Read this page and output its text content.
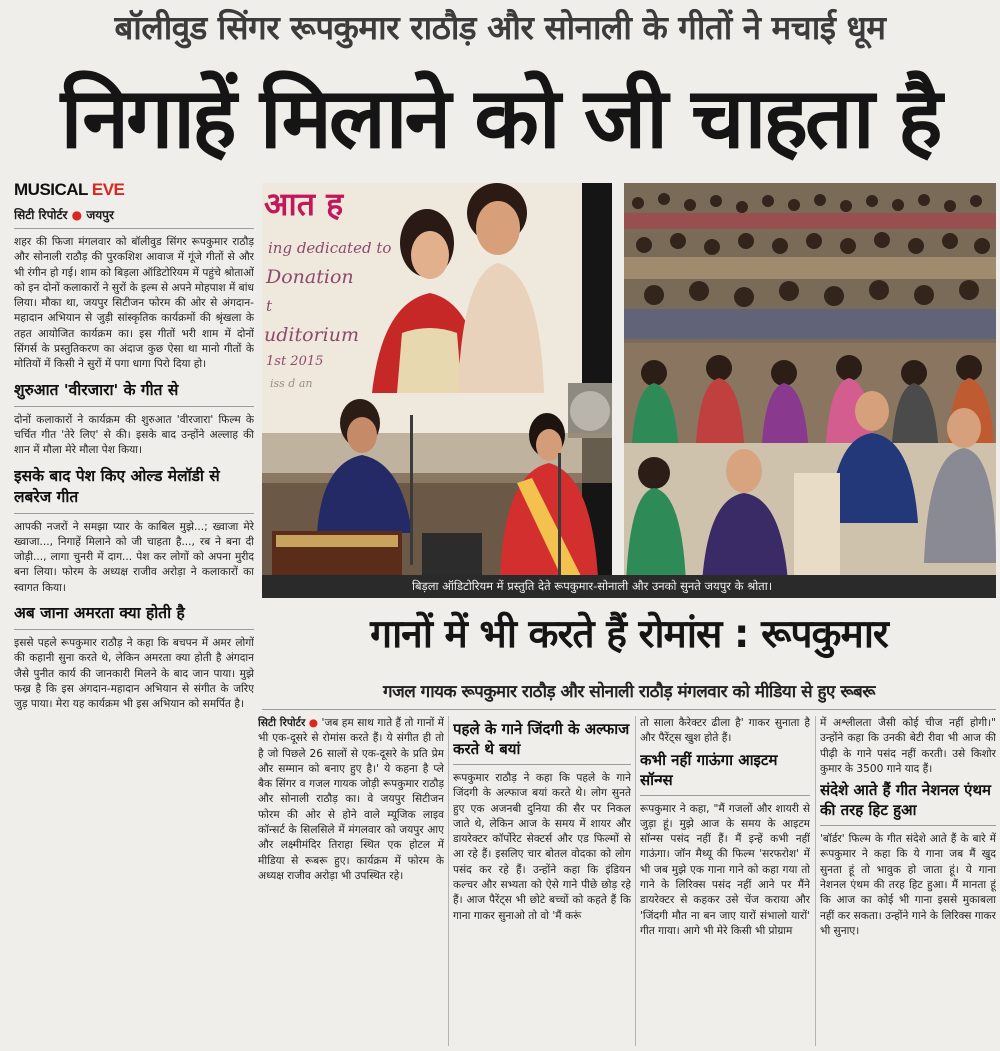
बॉलीवुड सिंगर रूपकुमार राठौड़ और सोनाली के गीतों ने मचाई धूम
निगाहें मिलाने को जी चाहता है
MUSICAL EVE
सिटी रिपोर्टर ● जयपुर

शहर की फिजा मंगलवार को बॉलीवुड सिंगर रूपकुमार राठौड़ और सोनाली राठौड़ की पुरकशिश आवाज में गूंजे गीतों से और भी रंगीन हो गई। शाम को बिड़ला ऑडिटोरियम में पहुंचे श्रोताओं को इन दोनों कलाकारों ने सुरों के इल्म से अपने मोहपाश में बांध लिया। मौका था, जयपुर सिटीजन फोरम की ओर से अंगदान-महादान अभियान से जुड़ी सांस्कृतिक कार्यक्रमों की श्रृंखला के तहत आयोजित कार्यक्रम का। इस गीतों भरी शाम में दोनों सिंगर्स के प्रस्तुतिकरण का अंदाज कुछ ऐसा था मानो गीतों के मोतियों में किसी ने सुरों में पगा धागा पिरो दिया हो।

शुरुआत 'वीरजारा' के गीत से

दोनों कलाकारों ने कार्यक्रम की शुरुआत 'वीरजारा' फिल्म के चर्चित गीत 'तेरे लिए' से की। इसके बाद उन्होंने अल्लाह की शान में मौला मेरे मौला पेश किया।

इसके बाद पेश किए ओल्ड मेलॉडी से लबरेज गीत

आपकी नजरों ने समझा प्यार के काबिल मुझे...; ख्वाजा मेरे ख्वाजा..., निगाहें मिलाने को जी चाहता है..., रब ने बना दी जोड़ी..., लागा चुनरी में दाग... पेश कर लोगों को अपना मुरीद बना लिया। फोरम के अध्यक्ष राजीव अरोड़ा ने कलाकारों का स्वागत किया।

अब जाना अमरता क्या होती है

इससे पहले रूपकुमार राठौड़ ने कहा कि बचपन में अमर लोगों की कहानी सुना करते थे, लेकिन अमरता क्या होती है अंगदान जैसे पुनीत कार्य की जानकारी मिलने के बाद जान पाया। मुझे फख्र है कि इस अंगदान-महादान अभियान से संगीत के जरिए जुड़ पाया। मेरा यह कार्यक्रम भी इस अभियान को समर्पित है।

आत ह
ing dedicated to
Donation
t
uditorium
1st 2015
iss d an
बिड़ला ऑडिटोरियम में प्रस्तुति देते रूपकुमार-सोनाली और उनको सुनते जयपुर के श्रोता।
गानों में भी करते हैं रोमांस : रूपकुमार
गजल गायक रूपकुमार राठौड़ और सोनाली राठौड़ मंगलवार को मीडिया से हुए रूबरू

सिटी रिपोर्टर ● 'जब हम साथ गाते हैं तो गानों में भी एक-दूसरे से रोमांस करते हैं। ये संगीत ही तो है जो पिछले 26 सालों से एक-दूसरे के प्रति प्रेम और सम्मान को बनाए हुए है।' ये कहना है प्ले बैक सिंगर व गजल गायक जोड़ी रूपकुमार राठौड़ और सोनाली राठौड़ का। वे जयपुर सिटीजन फोरम की ओर से होने वाले म्यूजिक लाइव कॉन्सर्ट के सिलसिले में मंगलवार को जयपुर आए और लक्ष्मीमंदिर तिराहा स्थित एक होटल में मीडिया से रूबरू हुए। कार्यक्रम में फोरम के अध्यक्ष राजीव अरोड़ा भी उपस्थित रहे।

पहले के गाने जिंदगी के अल्फाज करते थे बयां

रूपकुमार राठौड़ ने कहा कि पहले के गाने जिंदगी के अल्फाज बयां करते थे। लोग सुनते हुए एक अजनबी दुनिया की सैर पर निकल जाते थे, लेकिन आज के समय में शायर और डायरेक्टर कॉर्पोरेट सेक्टर्स और एड फिल्मों से आ रहे हैं। इसलिए चार बोतल वोदका को लोग पसंद कर रहे हैं। उन्होंने कहा कि इंडियन कल्चर और सभ्यता को ऐसे गाने पीछे छोड़ रहे हैं। आज पैरेंट्स भी छोटे बच्चों को कहते हैं कि गाना गाकर सुनाओ तो वो 'मैं करूं

तो साला कैरेक्टर ढीला है' गाकर सुनाता है और पैरेंट्स खुश होते हैं।

कभी नहीं गाऊंगा आइटम सॉन्ग्स

रूपकुमार ने कहा, "मैं गजलों और शायरी से जुड़ा हूं। मुझे आज के समय के आइटम सॉन्ग्स पसंद नहीं हैं। मैं इन्हें कभी नहीं गाऊंगा। जॉन मैथ्यू की फिल्म 'सरफरोश' में भी जब मुझे एक गाना गाने को कहा गया तो गाने के लिरिक्स पसंद नहीं आने पर मैंने डायरेक्टर से कहकर उसे चेंज कराया और 'जिंदगी मौत ना बन जाए यारों संभालो यारों' गीत गाया। आगे भी मेरे किसी भी प्रोग्राम

में अश्लीलता जैसी कोई चीज नहीं होगी।" उन्होंने कहा कि उनकी बेटी रीवा भी आज की पीढ़ी के गाने पसंद नहीं करती। उसे किशोर कुमार के 3500 गाने याद हैं।

संदेशे आते हैं गीत नेशनल एंथम की तरह हिट हुआ

'बॉर्डर' फिल्म के गीत संदेशे आते हैं के बारे में रूपकुमार ने कहा कि ये गाना जब मैं खुद सुनता हूं तो भावुक हो जाता हूं। ये गाना नेशनल एंथम की तरह हिट हुआ। मैं मानता हूं कि आज का कोई भी गाना इससे मुकाबला नहीं कर सकता। उन्होंने गाने के लिरिक्स गाकर भी सुनाए।
